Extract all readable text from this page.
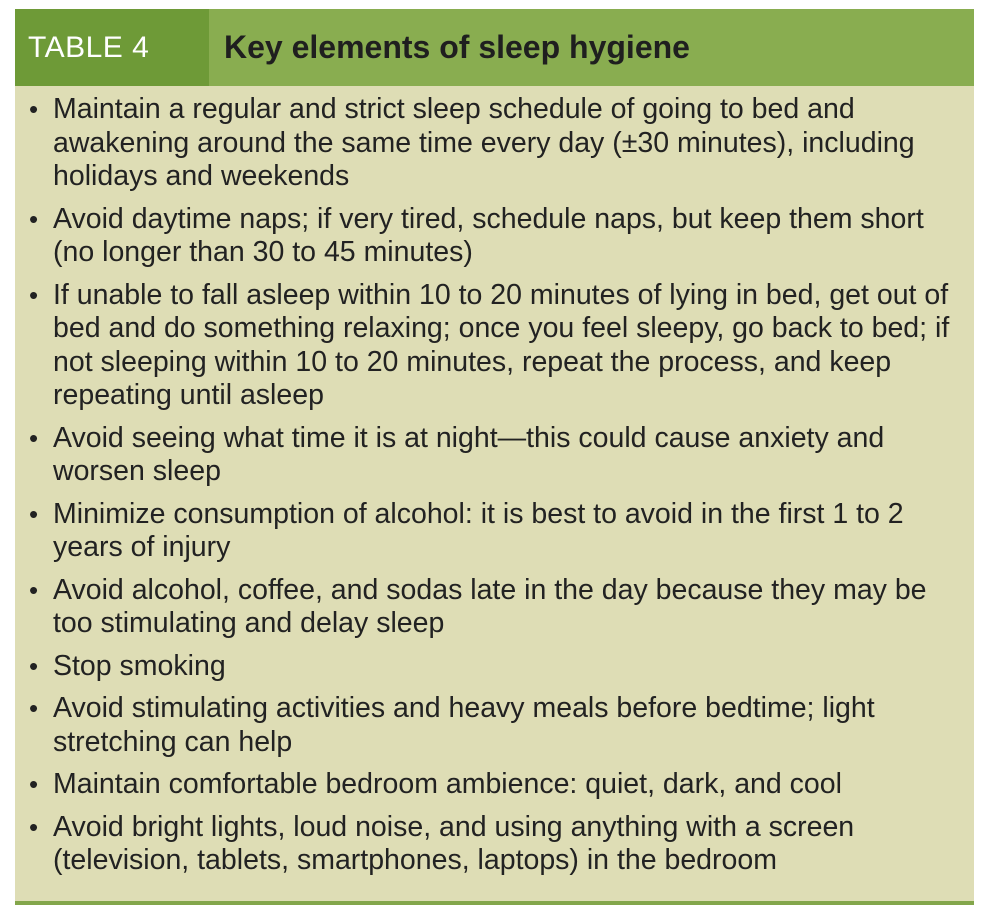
TABLE 4	Key elements of sleep hygiene
• Maintain a regular and strict sleep schedule of going to bed and awakening around the same time every day (±30 minutes), including holidays and weekends
• Avoid daytime naps; if very tired, schedule naps, but keep them short (no longer than 30 to 45 minutes)
• If unable to fall asleep within 10 to 20 minutes of lying in bed, get out of bed and do something relaxing; once you feel sleepy, go back to bed; if not sleeping within 10 to 20 minutes, repeat the process, and keep repeating until asleep
• Avoid seeing what time it is at night—this could cause anxiety and worsen sleep
• Minimize consumption of alcohol: it is best to avoid in the first 1 to 2 years of injury
• Avoid alcohol, coffee, and sodas late in the day because they may be too stimulating and delay sleep
• Stop smoking
• Avoid stimulating activities and heavy meals before bedtime; light stretching can help
• Maintain comfortable bedroom ambience: quiet, dark, and cool
• Avoid bright lights, loud noise, and using anything with a screen (television, tablets, smartphones, laptops) in the bedroom
